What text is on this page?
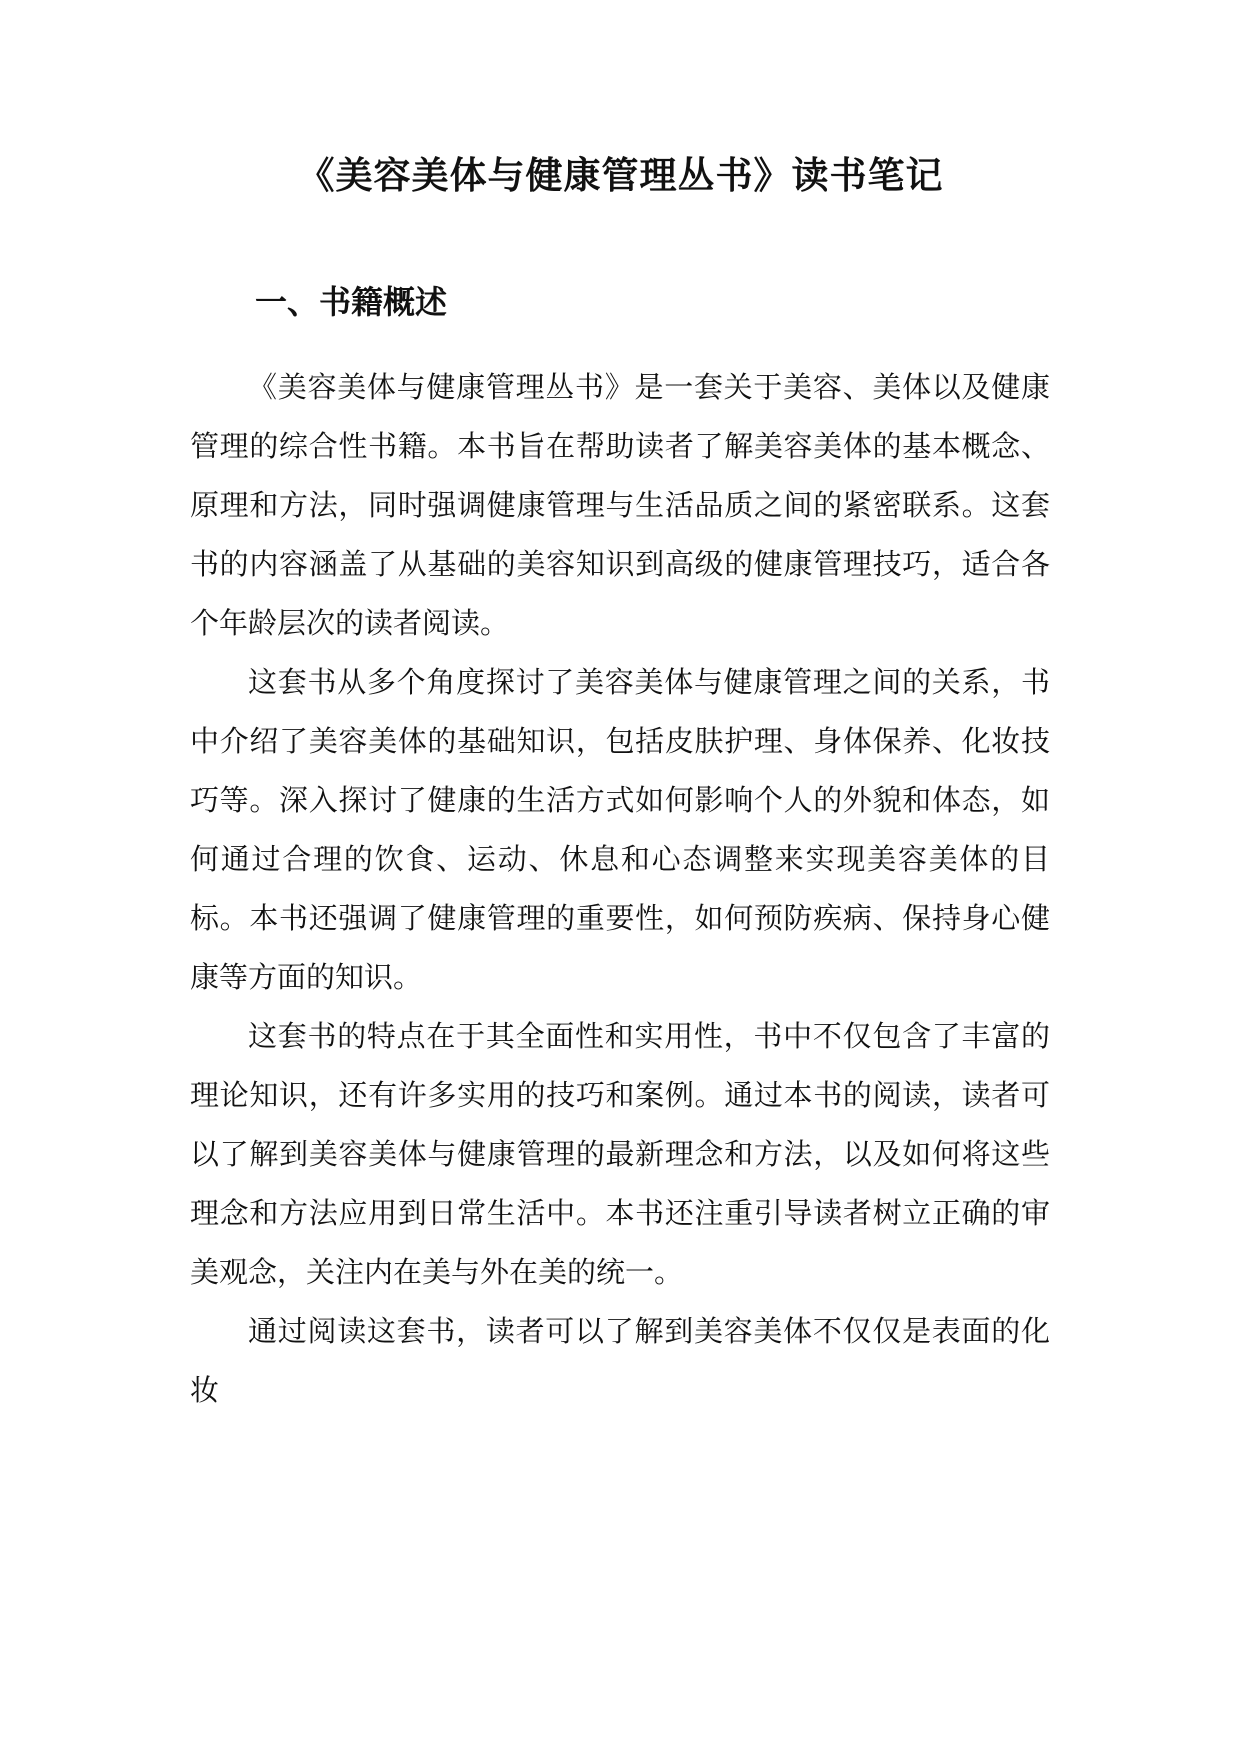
《美容美体与健康管理丛书》读书笔记
一、书籍概述

《美容美体与健康管理丛书》是一套关于美容、美体以及健康管理的综合性书籍。本书旨在帮助读者了解美容美体的基本概念、原理和方法，同时强调健康管理与生活品质之间的紧密联系。这套书的内容涵盖了从基础的美容知识到高级的健康管理技巧，适合各个年龄层次的读者阅读。

这套书从多个角度探讨了美容美体与健康管理之间的关系，书中介绍了美容美体的基础知识，包括皮肤护理、身体保养、化妆技巧等。深入探讨了健康的生活方式如何影响个人的外貌和体态，如何通过合理的饮食、运动、休息和心态调整来实现美容美体的目标。本书还强调了健康管理的重要性，如何预防疾病、保持身心健康等方面的知识。

这套书的特点在于其全面性和实用性，书中不仅包含了丰富的理论知识，还有许多实用的技巧和案例。通过本书的阅读，读者可以了解到美容美体与健康管理的最新理念和方法，以及如何将这些理念和方法应用到日常生活中。本书还注重引导读者树立正确的审美观念，关注内在美与外在美的统一。

通过阅读这套书，读者可以了解到美容美体不仅仅是表面的化妆
